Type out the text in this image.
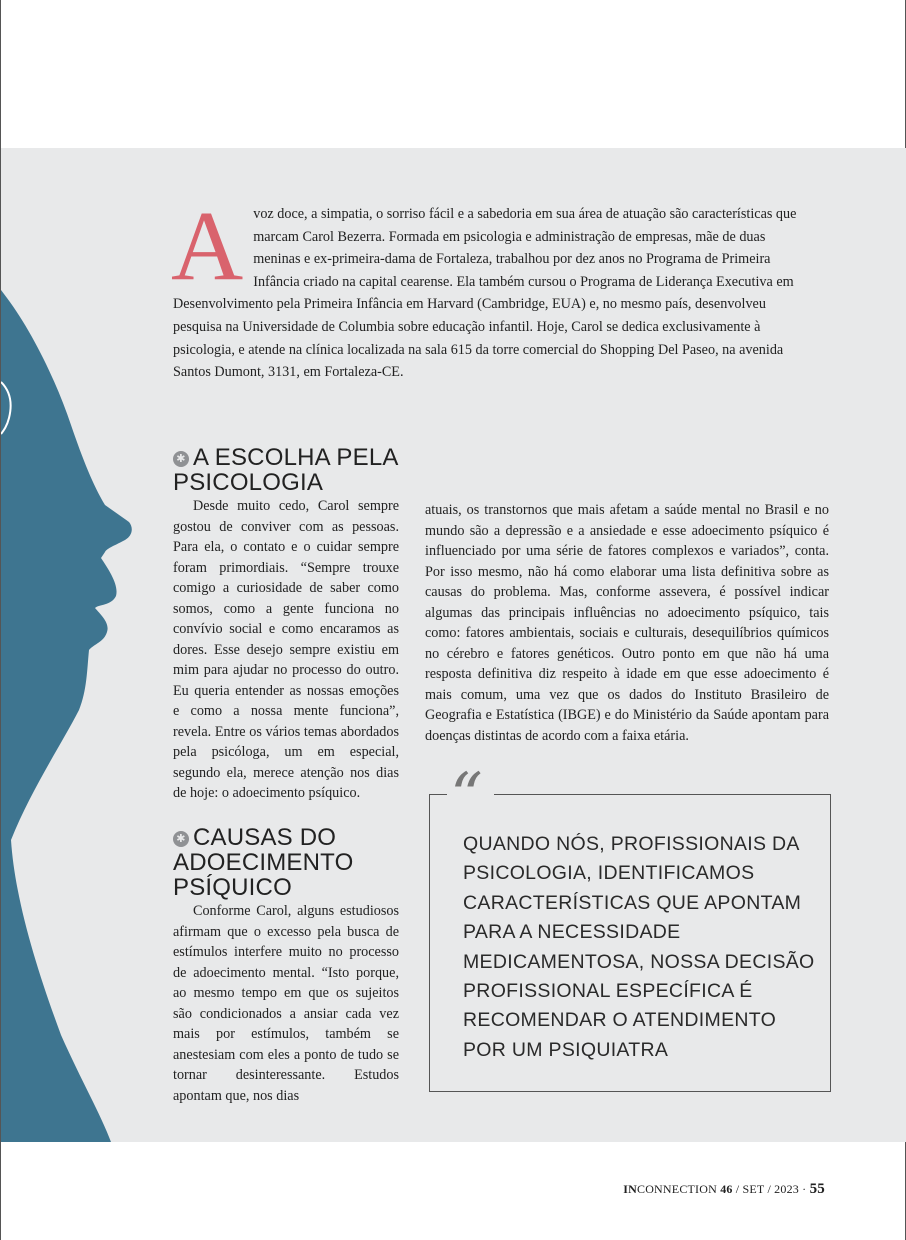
A voz doce, a simpatia, o sorriso fácil e a sabedoria em sua área de atuação são características que marcam Carol Bezerra. Formada em psicologia e administração de empresas, mãe de duas meninas e ex-primeira-dama de Fortaleza, trabalhou por dez anos no Programa de Primeira Infância criado na capital cearense. Ela também cursou o Programa de Liderança Executiva em Desenvolvimento pela Primeira Infância em Harvard (Cambridge, EUA) e, no mesmo país, desenvolveu pesquisa na Universidade de Columbia sobre educação infantil. Hoje, Carol se dedica exclusivamente à psicologia, e atende na clínica localizada na sala 615 da torre comercial do Shopping Del Paseo, na avenida Santos Dumont, 3131, em Fortaleza-CE.
✱ A ESCOLHA PELA PSICOLOGIA

Desde muito cedo, Carol sempre gostou de conviver com as pessoas. Para ela, o contato e o cuidar sempre foram primordiais. “Sempre trouxe comigo a curiosidade de saber como somos, como a gente funciona no convívio social e como encaramos as dores. Esse desejo sempre existiu em mim para ajudar no processo do outro. Eu queria entender as nossas emoções e como a nossa mente funciona”, revela. Entre os vários temas abordados pela psicóloga, um em especial, segundo ela, merece atenção nos dias de hoje: o adoecimento psíquico.

✱ CAUSAS DO ADOECIMENTO PSÍQUICO

Conforme Carol, alguns estudiosos afirmam que o excesso pela busca de estímulos interfere muito no processo de adoecimento mental. “Isto porque, ao mesmo tempo em que os sujeitos são condicionados a ansiar cada vez mais por estímulos, também se anestesiam com eles a ponto de tudo se tornar desinteressante. Estudos apontam que, nos dias

atuais, os transtornos que mais afetam a saúde mental no Brasil e no mundo são a depressão e a ansiedade e esse adoecimento psíquico é influenciado por uma série de fatores complexos e variados”, conta. Por isso mesmo, não há como elaborar uma lista definitiva sobre as causas do problema. Mas, conforme assevera, é possível indicar algumas das principais influências no adoecimento psíquico, tais como: fatores ambientais, sociais e culturais, desequilíbrios químicos no cérebro e fatores genéticos. Outro ponto em que não há uma resposta definitiva diz respeito à idade em que esse adoecimento é mais comum, uma vez que os dados do Instituto Brasileiro de Geografia e Estatística (IBGE) e do Ministério da Saúde apontam para doenças distintas de acordo com a faixa etária.

“
QUANDO NÓS, PROFISSIONAIS DA PSICOLOGIA, IDENTIFICAMOS CARACTERÍSTICAS QUE APONTAM PARA A NECESSIDADE MEDICAMENTOSA, NOSSA DECISÃO PROFISSIONAL ESPECÍFICA É RECOMENDAR O ATENDIMENTO POR UM PSIQUIATRA
INCONNECTION 46 / SET / 2023 · 55
